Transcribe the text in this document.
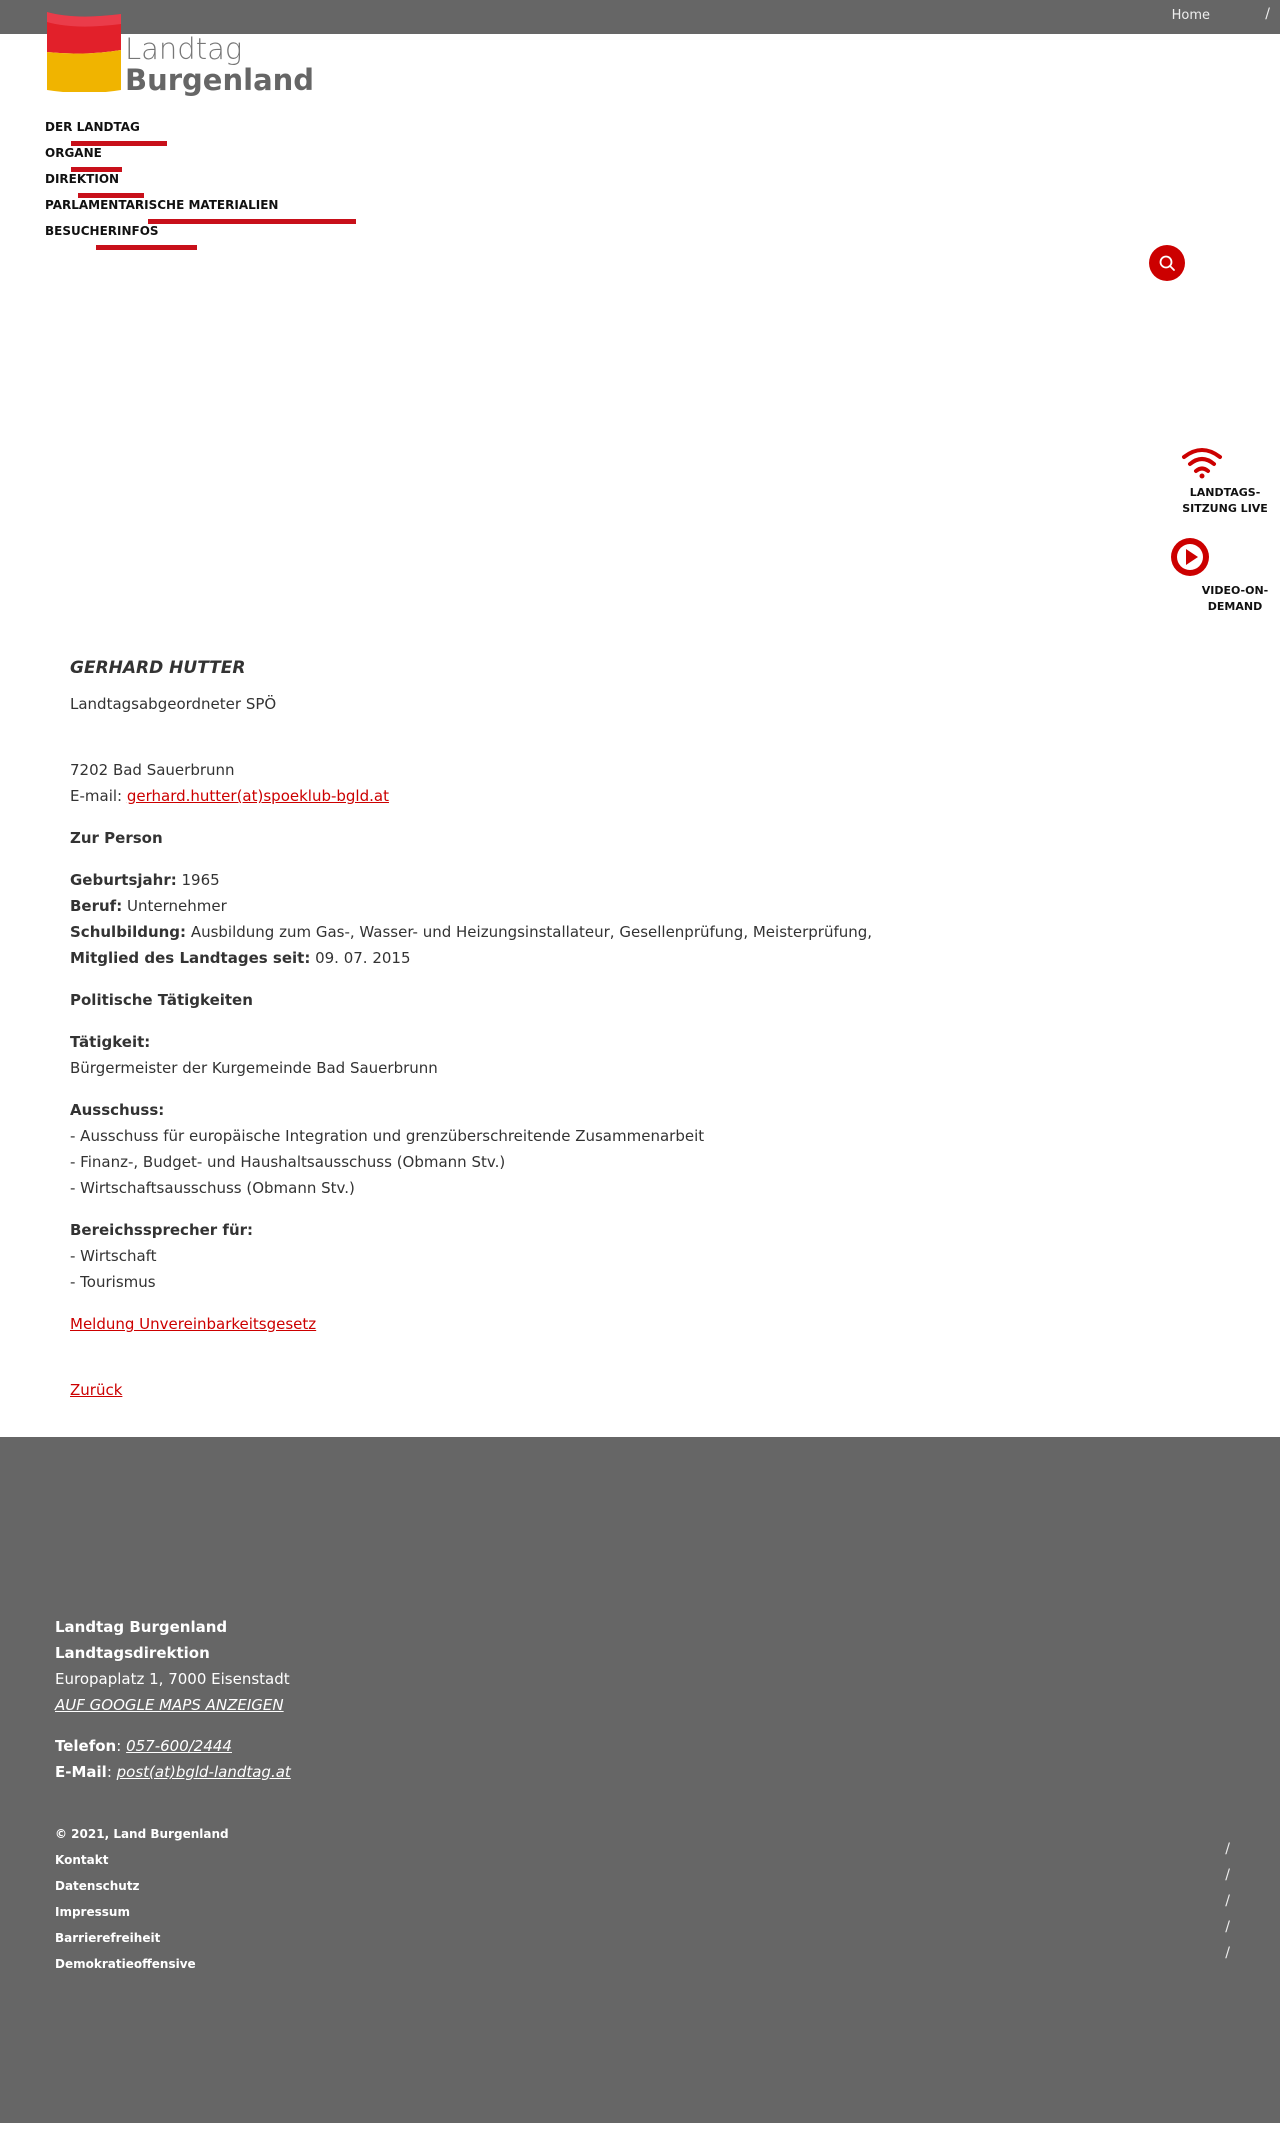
Home	/
Landtag
Burgenland
DER LANDTAG
ORGANE
DIREKTION
PARLAMENTARISCHE MATERIALIEN
BESUCHERINFOS
LANDTAGS-
SITZUNG LIVE
VIDEO-ON-
DEMAND
GERHARD HUTTER

Landtagsabgeordneter SPÖ

7202 Bad Sauerbrunn

E-mail: gerhard.hutter(at)spoeklub-bgld.at

Zur Person

Geburtsjahr: 1965

Beruf: Unternehmer

Schulbildung: Ausbildung zum Gas-, Wasser- und Heizungsinstallateur, Gesellenprüfung, Meisterprüfung,

Mitglied des Landtages seit: 09. 07. 2015

Politische Tätigkeiten

Tätigkeit:

Bürgermeister der Kurgemeinde Bad Sauerbrunn

Ausschuss:

- Ausschuss für europäische Integration und grenzüberschreitende Zusammenarbeit

- Finanz-, Budget- und Haushaltsausschuss (Obmann Stv.)

- Wirtschaftsausschuss (Obmann Stv.)

Bereichssprecher für:

- Wirtschaft

- Tourismus

Meldung Unvereinbarkeitsgesetz

Zurück

Landtag Burgenland

Landtagsdirektion

Europaplatz 1, 7000 Eisenstadt

AUF GOOGLE MAPS ANZEIGEN

Telefon: 057-600/2444

E-Mail: post(at)bgld-landtag.at

© 2021, Land Burgenland
Kontakt
Datenschutz
Impressum
Barrierefreiheit
Demokratieoffensive
/
/
/
/
/
